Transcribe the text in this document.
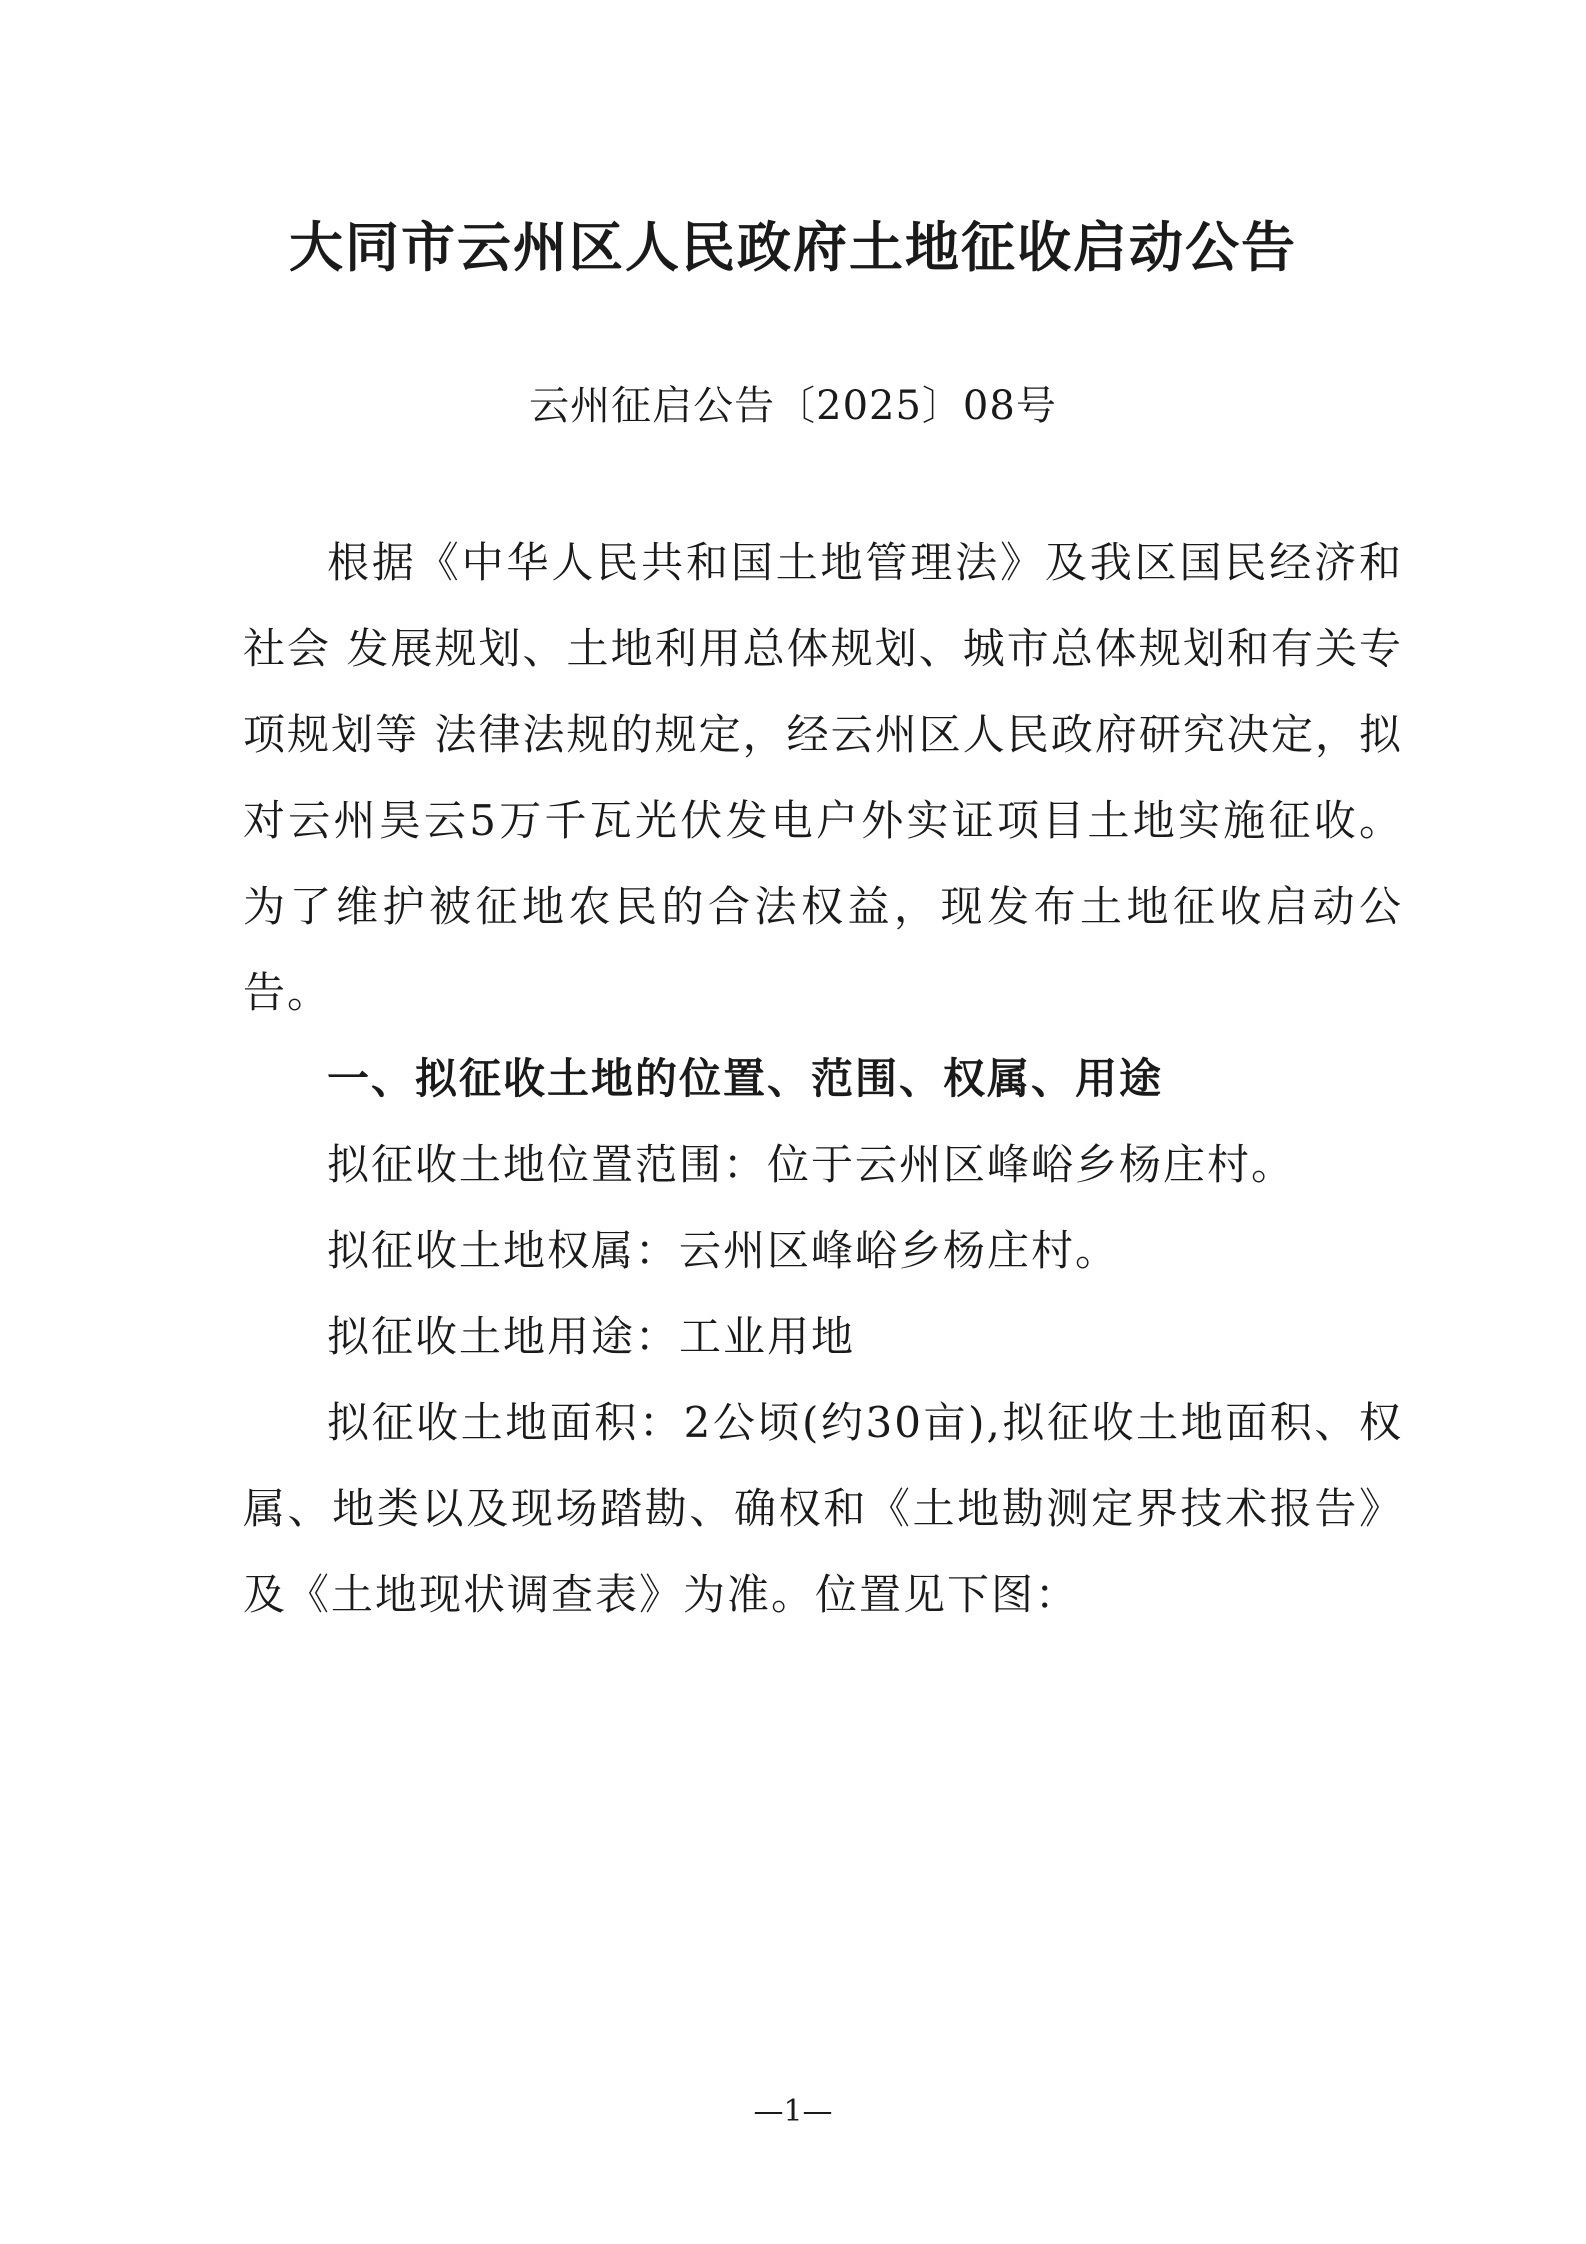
大同市云州区人民政府土地征收启动公告

云州征启公告〔2025〕08号

根据《中华人民共和国土地管理法》及我区国民经济和社会 发展规划、土地利用总体规划、城市总体规划和有关专项规划等 法律法规的规定，经云州区人民政府研究决定，拟对云州昊云5万千瓦光伏发电户外实证项目土地实施征收。为了维护被征地农民的合法权益，现发布土地征收启动公告。

一、拟征收土地的位置、范围、权属、用途

拟征收土地位置范围：位于云州区峰峪乡杨庄村。

拟征收土地权属：云州区峰峪乡杨庄村。

拟征收土地用途：工业用地

拟征收土地面积：2公顷(约30亩),拟征收土地面积、权属、地类以及现场踏勘、确权和《土地勘测定界技术报告》及《土地现状调查表》为准。位置见下图：

—1—
